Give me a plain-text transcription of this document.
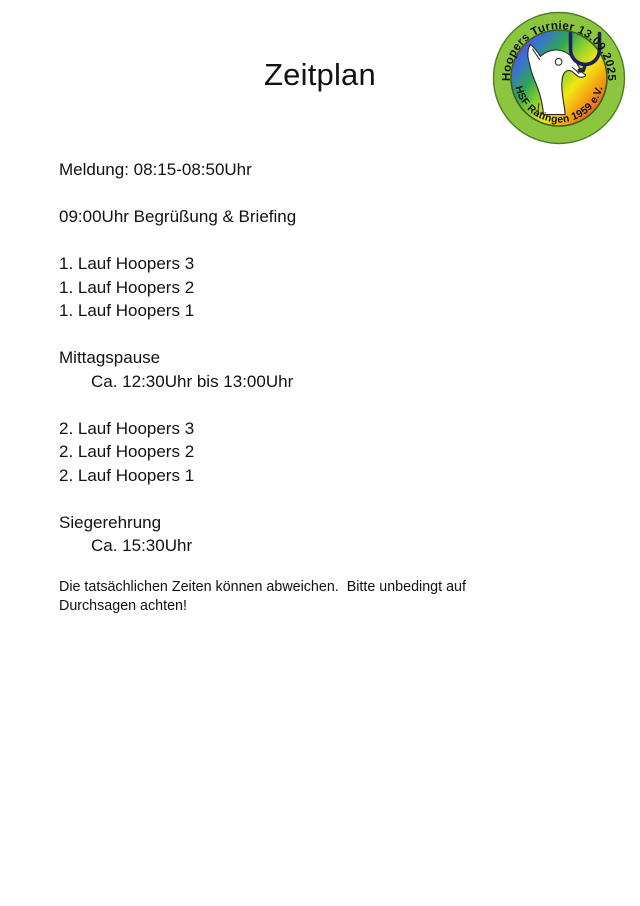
Hoopers Turnier 13.09.2025
HSF Ratingen 1959 e.V.
Zeitplan
Meldung: 08:15-08:50Uhr
09:00Uhr Begrüßung & Briefing
1. Lauf Hoopers 3
1. Lauf Hoopers 2
1. Lauf Hoopers 1
Mittagspause
Ca. 12:30Uhr bis 13:00Uhr
2. Lauf Hoopers 3
2. Lauf Hoopers 2
2. Lauf Hoopers 1
Siegerehrung
Ca. 15:30Uhr
Die tatsächlichen Zeiten können abweichen.  Bitte unbedingt auf
Durchsagen achten!
